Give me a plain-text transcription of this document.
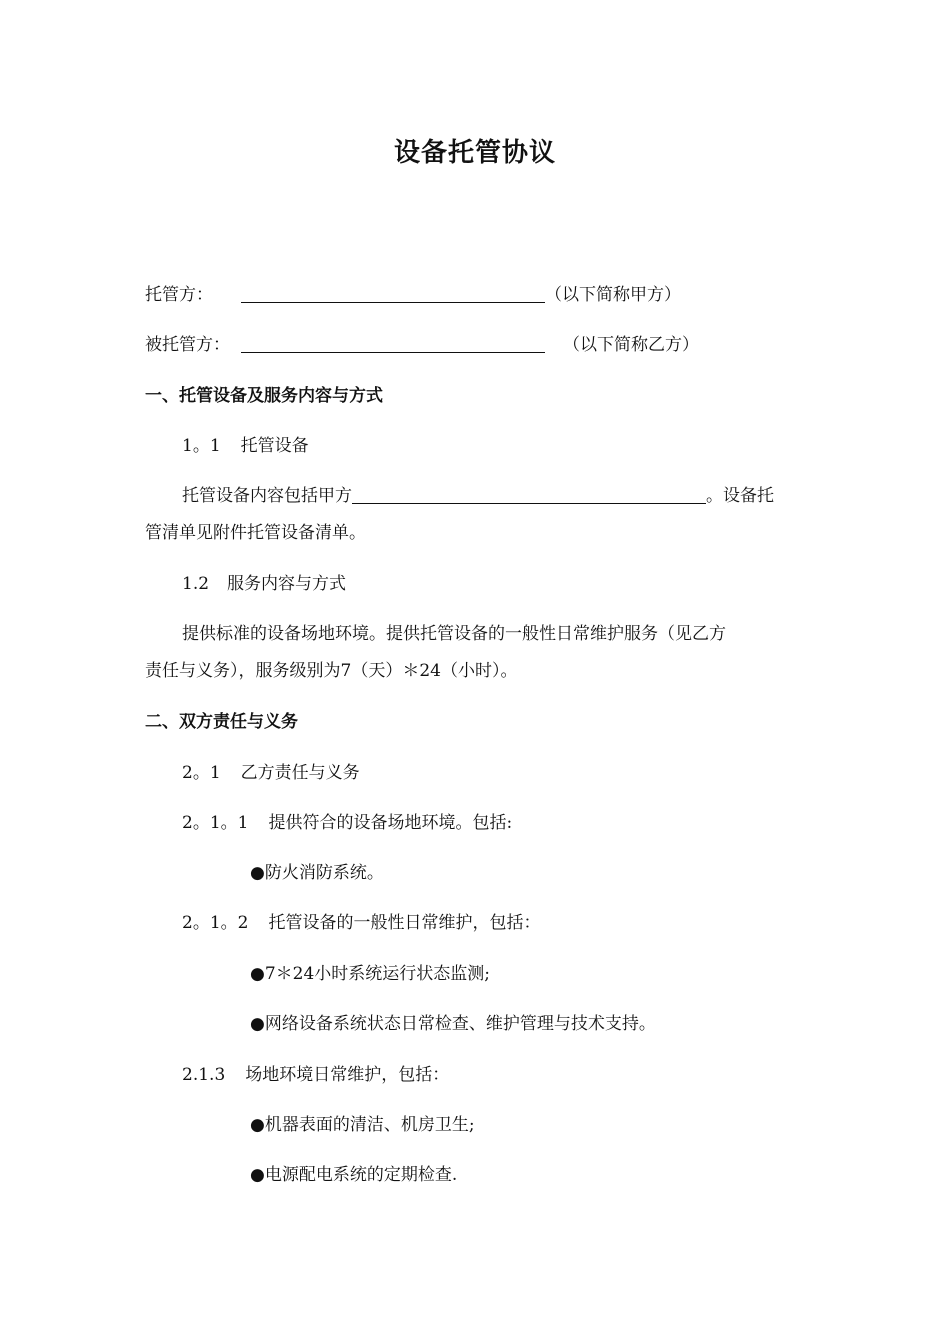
设备托管协议
托管方：	（以下简称甲方）
被托管方：	（以下简称乙方）
一、托管设备及服务内容与方式
1。1 托管设备
托管设备内容包括甲方	。设备托
管清单见附件托管设备清单。
1.2 服务内容与方式
提供标准的设备场地环境。提供托管设备的一般性日常维护服务（见乙方
责任与义务），服务级别为7（天）＊24（小时）。
二、双方责任与义务
2。1 乙方责任与义务
2。1。1 提供符合的设备场地环境。包括:
●防火消防系统。
2。1。2 托管设备的一般性日常维护，包括：
●7＊24小时系统运行状态监测;
●网络设备系统状态日常检查、维护管理与技术支持。
2.1.3 场地环境日常维护，包括：
●机器表面的清洁、机房卫生;
●电源配电系统的定期检查.
